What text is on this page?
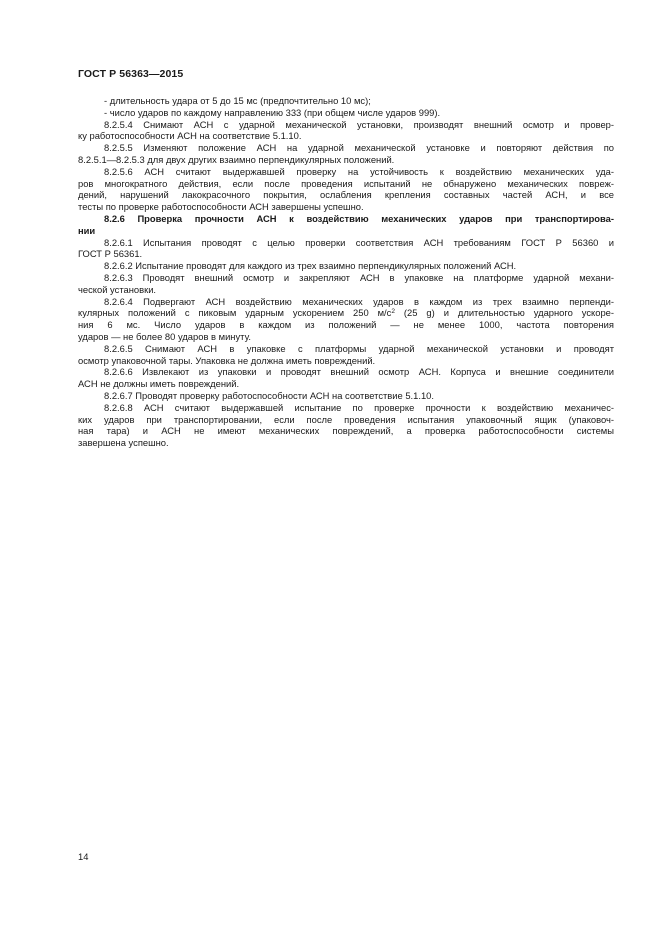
ГОСТ Р 56363—2015
- длительность удара от 5 до 15 мс (предпочтительно 10 мс);
- число ударов по каждому направлению 333 (при общем числе ударов 999).
8.2.5.4 Снимают АСН с ударной механической установки, производят внешний осмотр и провер-
ку работоспособности АСН на соответствие 5.1.10.
8.2.5.5 Изменяют положение АСН на ударной механической установке и повторяют действия по
8.2.5.1—8.2.5.3 для двух других взаимно перпендикулярных положений.
8.2.5.6 АСН считают выдержавшей проверку на устойчивость к воздействию механических уда-
ров многократного действия, если после проведения испытаний не обнаружено механических повреж-
дений, нарушений лакокрасочного покрытия, ослабления крепления составных частей АСН, и все
тесты по проверке работоспособности АСН завершены успешно.
8.2.6 Проверка прочности АСН к воздействию механических ударов при транспортирова-
нии
8.2.6.1 Испытания проводят с целью проверки соответствия АСН требованиям ГОСТ Р 56360 и
ГОСТ Р 56361.
8.2.6.2 Испытание проводят для каждого из трех взаимно перпендикулярных положений АСН.
8.2.6.3 Проводят внешний осмотр и закрепляют АСН в упаковке на платформе ударной механи-
ческой установки.
8.2.6.4 Подвергают АСН воздействию механических ударов в каждом из трех взаимно перпенди-
кулярных положений с пиковым ударным ускорением 250 $м/с^2$ (25 g) и длительностью ударного ускоре-
ния 6 мс. Число ударов в каждом из положений — не менее 1000, частота повторения
ударов — не более 80 ударов в минуту.
8.2.6.5 Снимают АСН в упаковке с платформы ударной механической установки и проводят
осмотр упаковочной тары. Упаковка не должна иметь повреждений.
8.2.6.6 Извлекают из упаковки и проводят внешний осмотр АСН. Корпуса и внешние соединители
АСН не должны иметь повреждений.
8.2.6.7 Проводят проверку работоспособности АСН на соответствие 5.1.10.
8.2.6.8 АСН считают выдержавшей испытание по проверке прочности к воздействию механичес-
ких ударов при транспортировании, если после проведения испытания упаковочный ящик (упаковоч-
ная тара) и АСН не имеют механических повреждений, а проверка работоспособности системы
завершена успешно.
14
